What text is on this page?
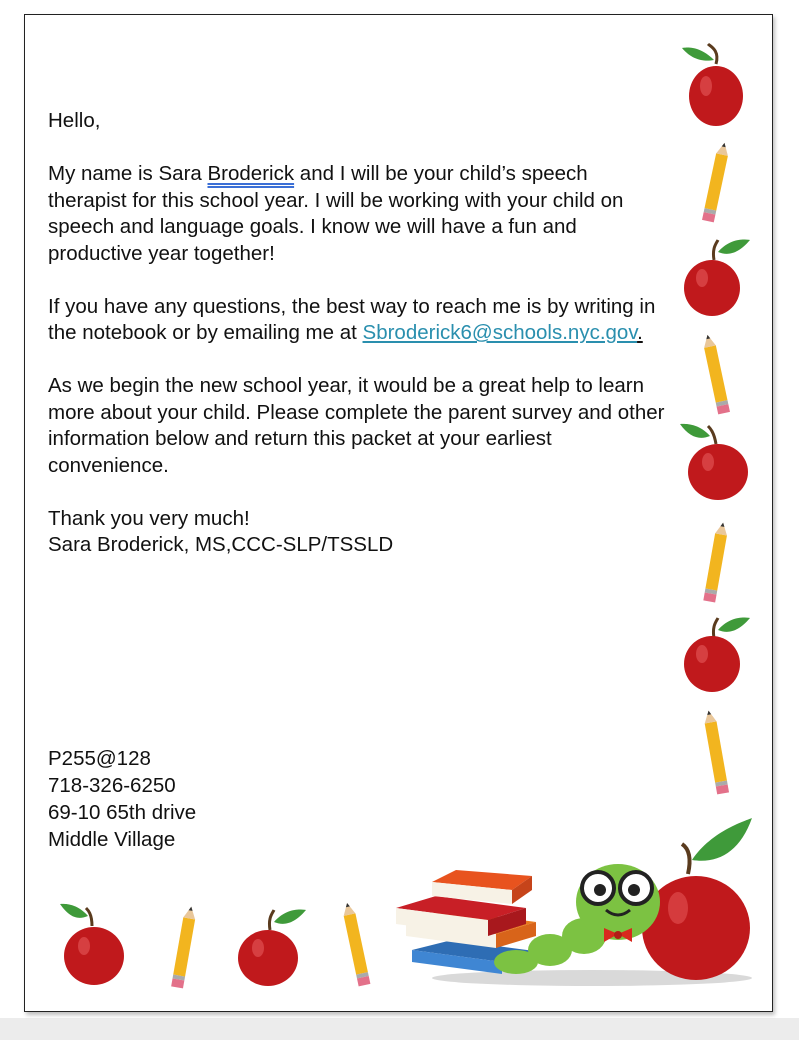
Hello,

My name is Sara Broderick and I will be your child’s speech therapist for this school year. I will be working with your child on speech and language goals. I know we will have a fun and productive year together!

If you have any questions, the best way to reach me is by writing in the notebook or by emailing me at Sbroderick6@schools.nyc.gov.

As we begin the new school year, it would be a great help to learn more about your child. Please complete the parent survey and other information below and return this packet at your earliest convenience.

Thank you very much!

Sara Broderick, MS,CCC-SLP/TSSLD

P255@128
718-326-6250
69-10 65th drive
Middle Village
